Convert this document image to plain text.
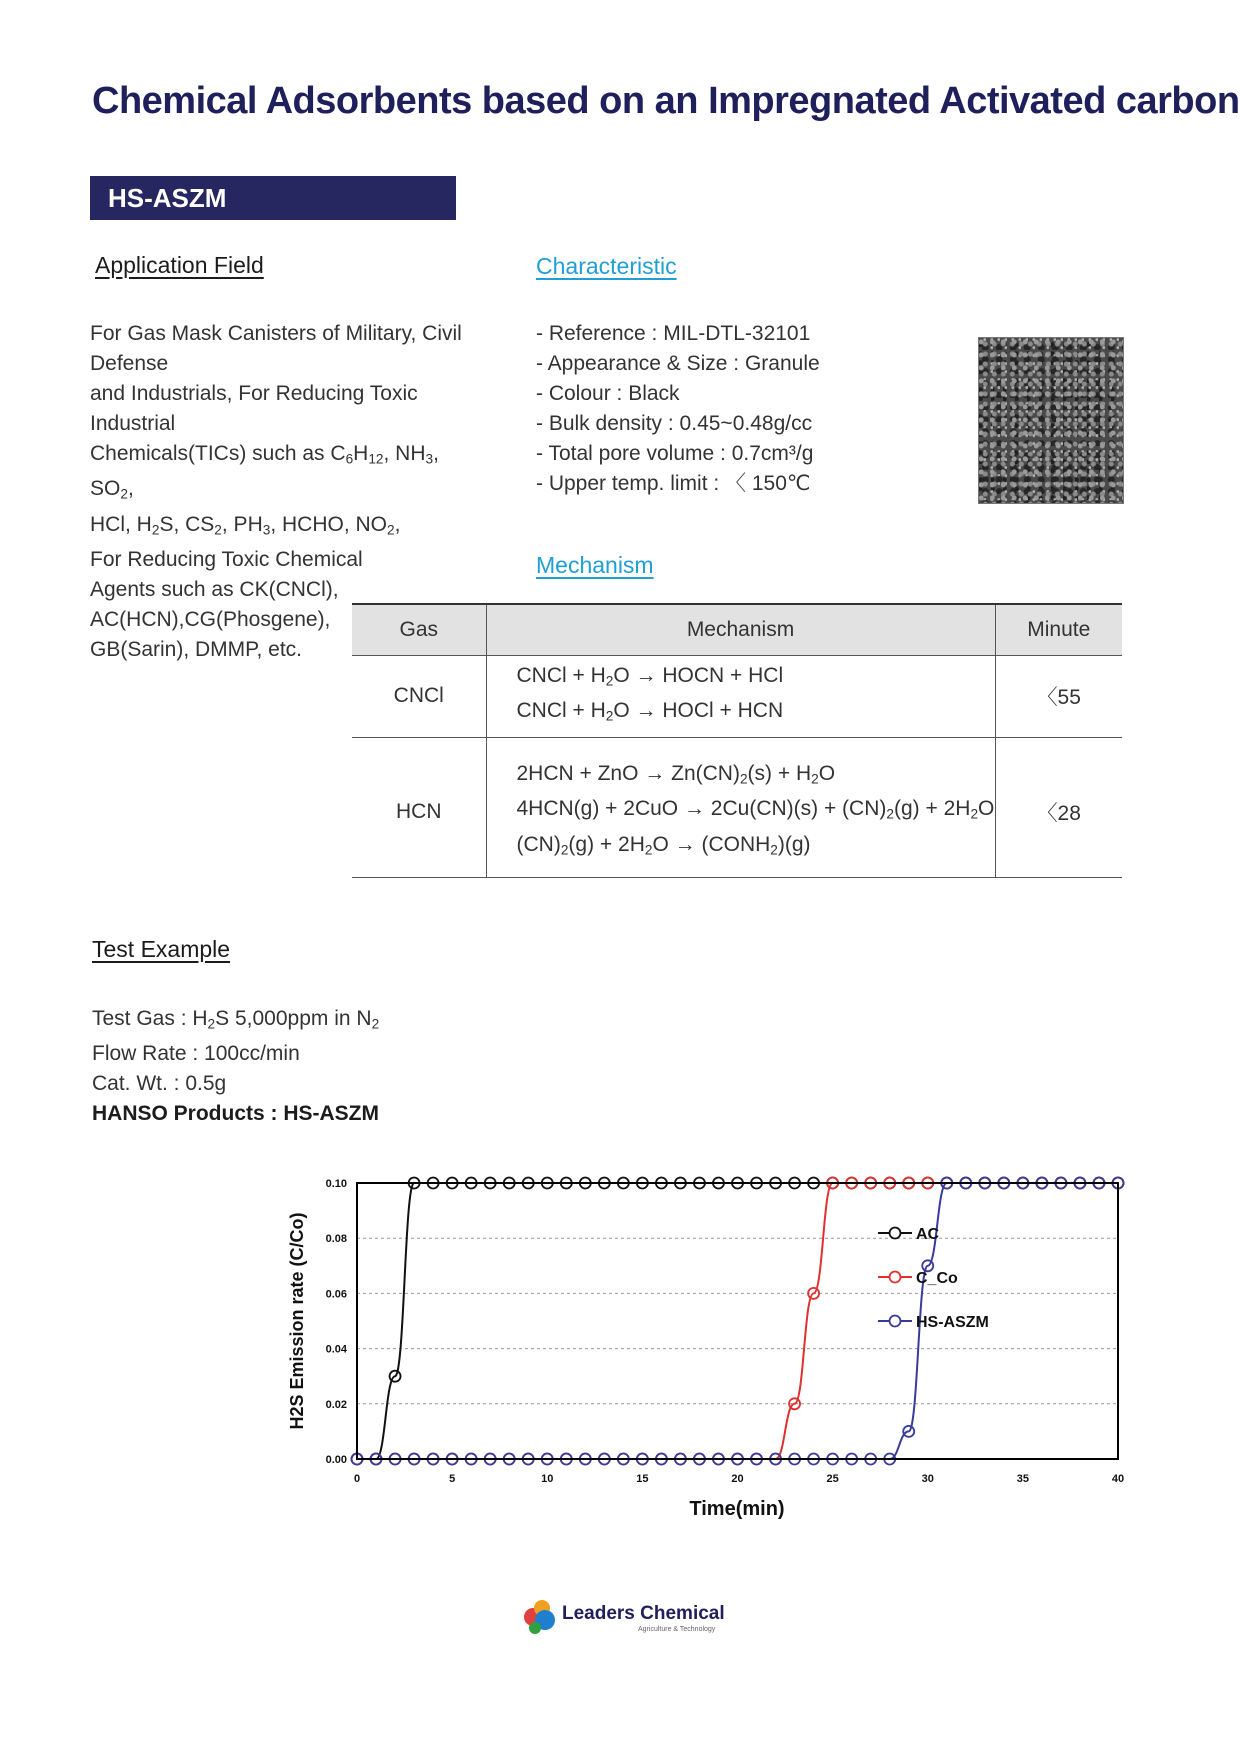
Chemical Adsorbents based on an Impregnated Activated carbon
HS-ASZM
Application Field
For Gas Mask Canisters of Military, Civil
Defense
and Industrials, For Reducing Toxic
Industrial
Chemicals(TICs) such as $C_6H_{12}$, $NH_3$, $SO_2$,
HCl, $H_2S$, $CS_2$, $PH_3$, HCHO, $NO_2$,
For Reducing Toxic Chemical
Agents such as CK(CNCl),
AC(HCN),CG(Phosgene),
GB(Sarin), DMMP, etc.
Characteristic
- Reference : MIL-DTL-32101
- Appearance & Size : Granule
- Colour : Black
- Bulk density : 0.45~0.48g/cc
- Total pore volume : 0.7cm³/g
- Upper temp. limit : 〈 150℃
Mechanism
Gas	Mechanism	Minute
CNCl	CNCl + $H_2O$ → HOCN + HCl
CNCl + $H_2O$ → HOCl + HCN	〈55
HCN	2HCN + ZnO → $Zn(CN)_2(s) + H_2O$
$4HCN(g) + 2CuO \to 2Cu(CN)(s) + (CN)_2(g) + 2H_2O$
$(CN)_2(g) + 2H_2O$ → $(CONH_2)(g)$	〈28
Test Example
Test Gas : $H_2S$ 5,000ppm in $N_2$
Flow Rate : 100cc/min
Cat. Wt. : 0.5g
HANSO Products : HS-ASZM
0.00
0.02
0.04
0.06
0.08
0.10
0	5	10	15	20	25	30	35	40
Time(min)
H2S Emission rate (C/Co)	AC
C_Co
HS-ASZM
Leaders Chemical
Agriculture & Technology
